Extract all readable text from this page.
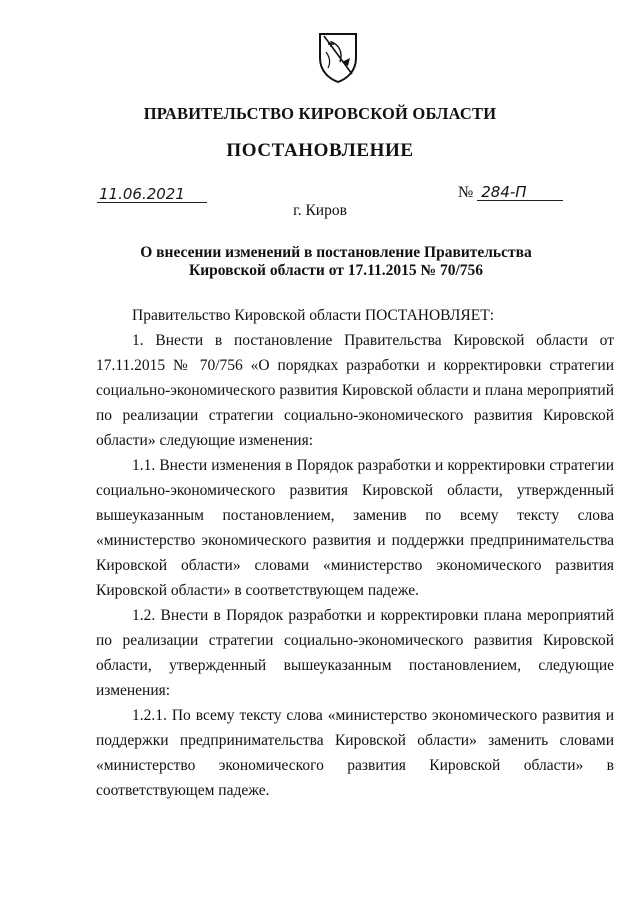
ПРАВИТЕЛЬСТВО КИРОВСКОЙ ОБЛАСТИ
ПОСТАНОВЛЕНИЕ
11.06.2021	№ 284-П
г. Киров
О внесении изменений в постановление Правительства
Кировской области от 17.11.2015 № 70/756

Правительство Кировской области ПОСТАНОВЛЯЕТ:

1. Внести в постановление Правительства Кировской области от 17.11.2015 № 70/756 «О порядках разработки и корректировки стратегии социально-экономического развития Кировской области и плана мероприятий по реализации стратегии социально-экономического развития Кировской области» следующие изменения:

1.1. Внести изменения в Порядок разработки и корректировки стратегии социально-экономического развития Кировской области, утвержденный вышеуказанным постановлением, заменив по всему тексту слова «министерство экономического развития и поддержки предпринимательства Кировской области» словами «министерство экономического развития Кировской области» в соответствующем падеже.

1.2. Внести в Порядок разработки и корректировки плана мероприятий по реализации стратегии социально-экономического развития Кировской области, утвержденный вышеуказанным постановлением, следующие изменения:

1.2.1. По всему тексту слова «министерство экономического развития и поддержки предпринимательства Кировской области» заменить словами «министерство экономического развития Кировской области» в соответствующем падеже.
